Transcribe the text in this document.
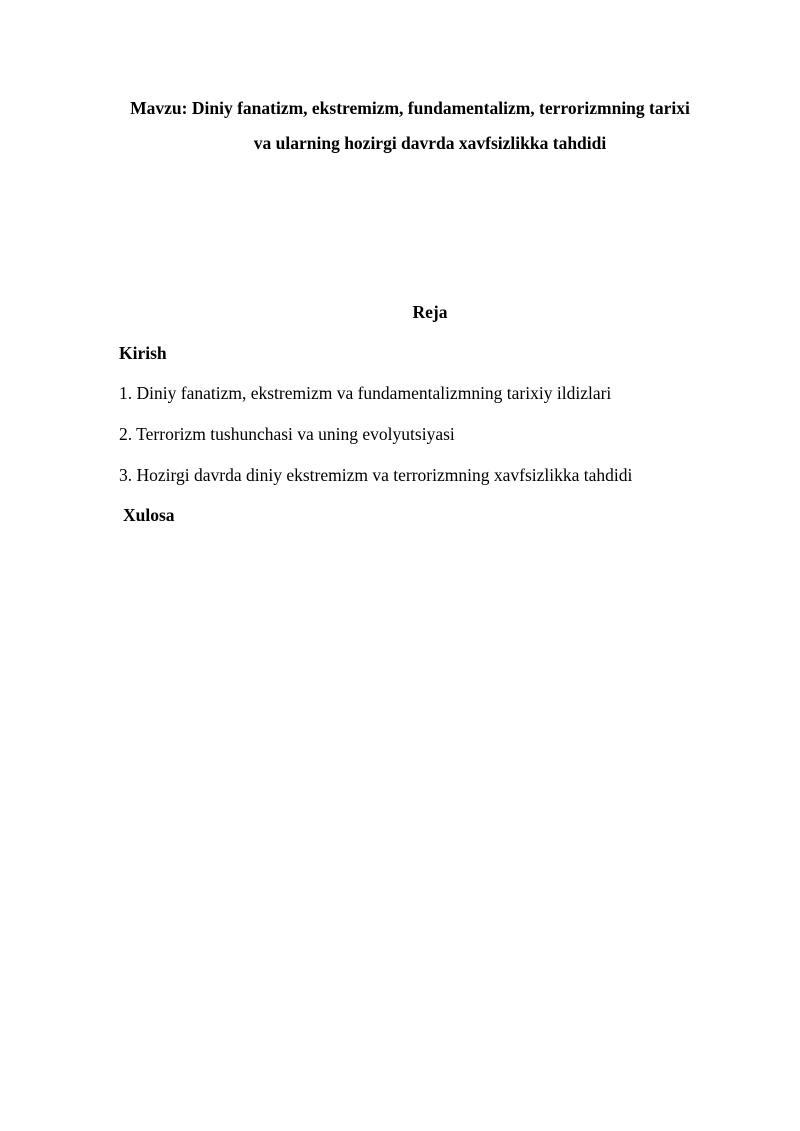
Mavzu: Diniy fanatizm, ekstremizm, fundamentalizm, terrorizmning tarixi
va ularning hozirgi davrda xavfsizlikka tahdidi
Reja
Kirish
1. Diniy fanatizm, ekstremizm va fundamentalizmning tarixiy ildizlari
2. Terrorizm tushunchasi va uning evolyutsiyasi
3. Hozirgi davrda diniy ekstremizm va terrorizmning xavfsizlikka tahdidi
Xulosa
